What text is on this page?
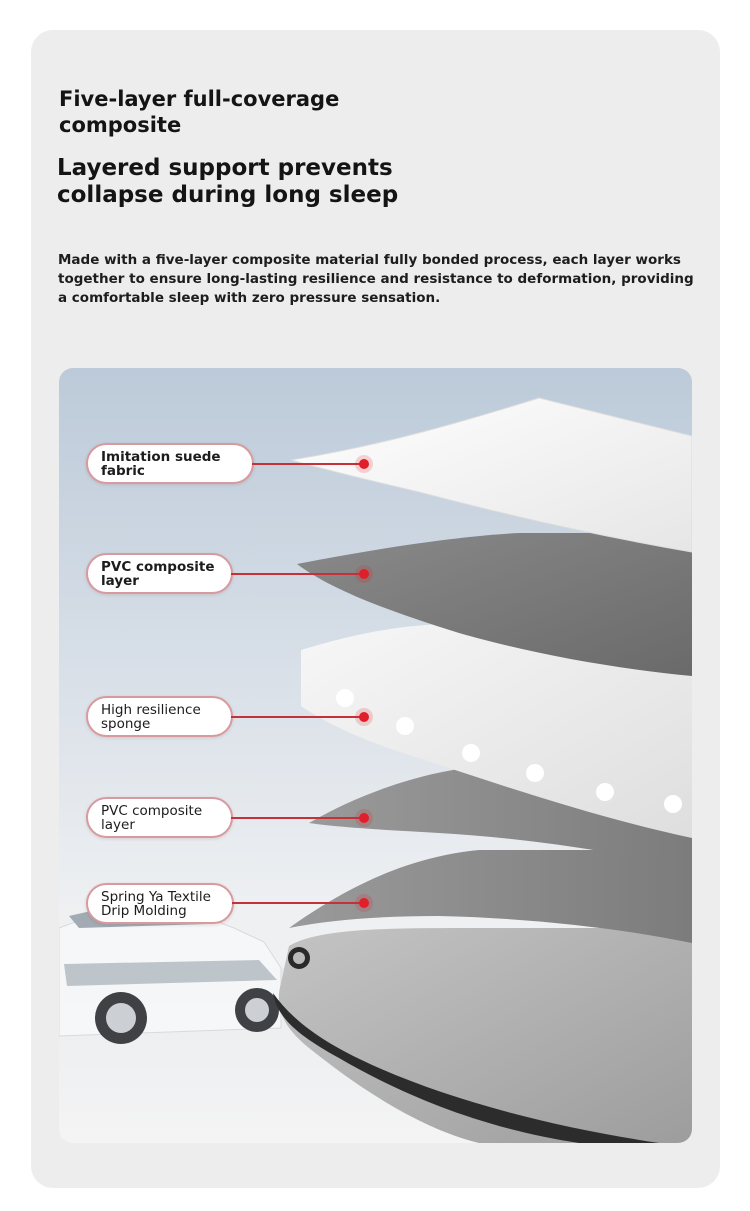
Five-layer full-coverage composite
Layered support prevents collapse during long sleep
Made with a five-layer composite material fully bonded process, each layer works together to ensure long-lasting resilience and resistance to deformation, providing a comfortable sleep with zero pressure sensation.
Imitation suede fabric
PVC composite layer
High resilience sponge
PVC composite layer
Spring Ya Textile Drip Molding
